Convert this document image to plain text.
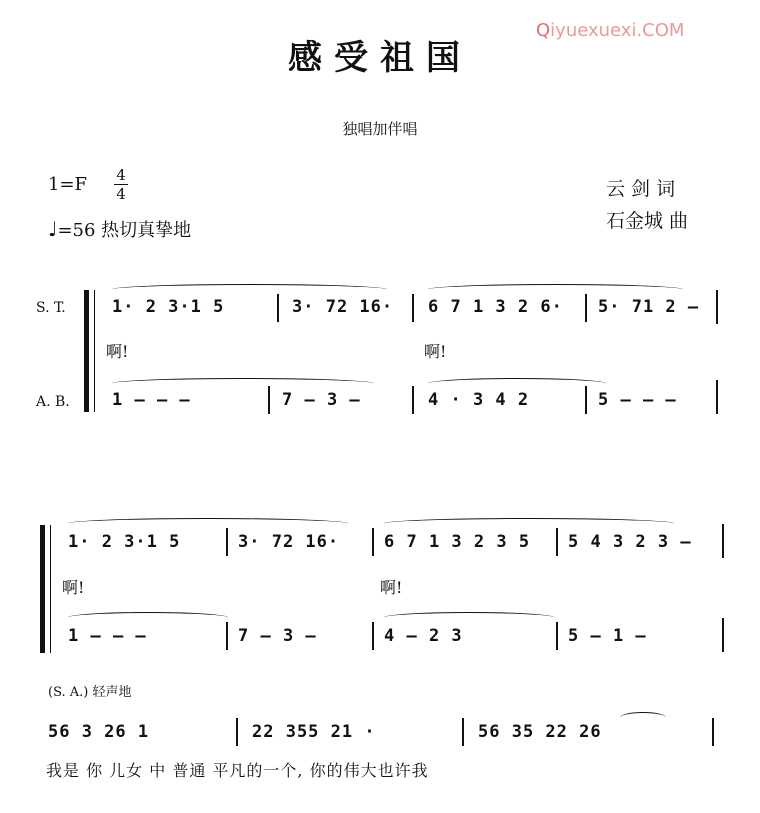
感受祖国
Qiyuexuexi.COM
独唱加伴唱
1=F 4
4
♩=56 热切真挚地
云 剑 词
石金城 曲
S. T.
A. B.
1· 2 3·1 5	3· 72 16· 6 7 1 3 2 6· 5· 71 2 –
啊!	啊!
1 – – –	7 – 3 –	4 · 3 4 2	5 – – –
1· 2 3·1 5	3· 72 16·	6 7 1 3 2 3 5 5 4 3 2 3 –
啊!	啊!
1 – – –	7 – 3 –	4 – 2 3	5 – 1 –
(S. A.) 轻声地
56 3 26 1	22 355 21 ·	56 35 22 26
我是 你 儿女 中 普通 平凡的一个, 你的伟大也许我
